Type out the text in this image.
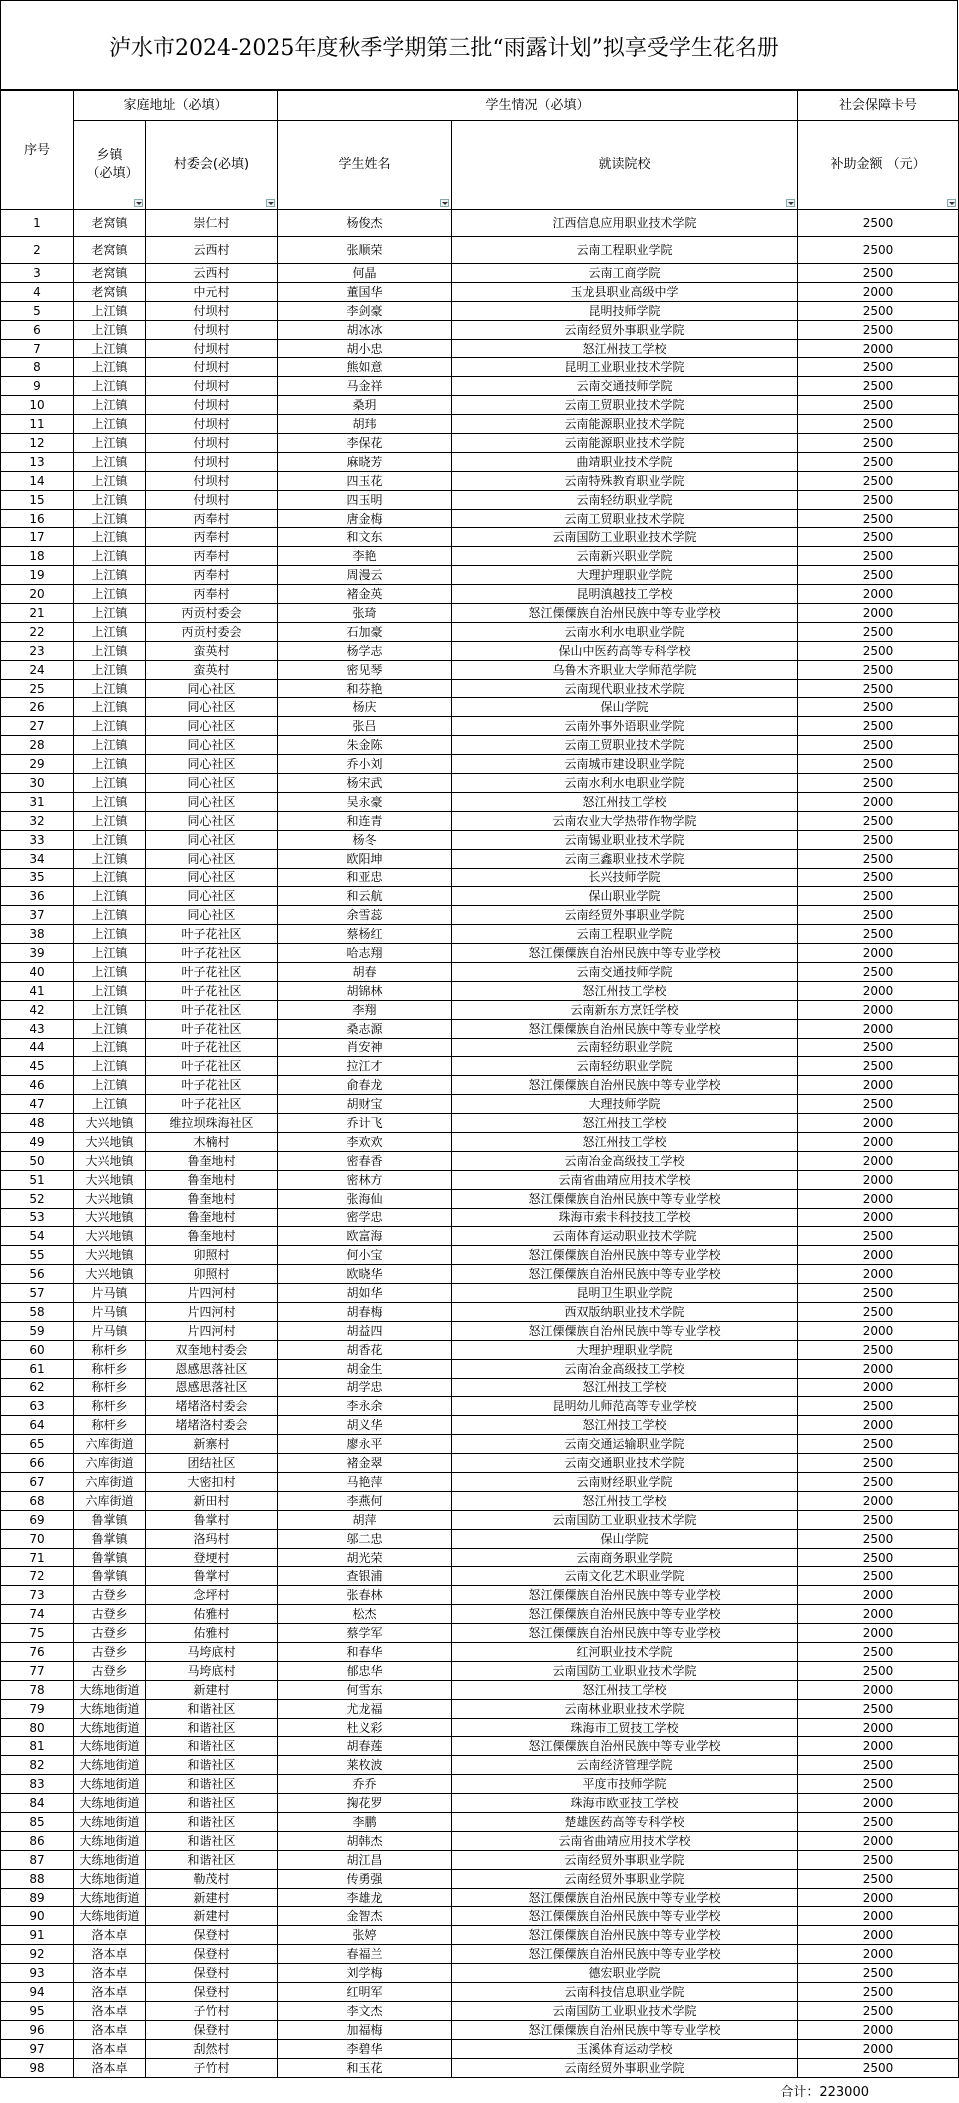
泸水市2024-2025年度秋季学期第三批“雨露计划”拟享受学生花名册
序号	家庭地址（必填）		学生情况（必填）		社会保障卡号
	乡镇（必填）	村委会(必填)	学生姓名	就读院校	补助金额 （元）

1	老窝镇	崇仁村	杨俊杰	江西信息应用职业技术学院	2500
2	老窝镇	云西村	张顺荣	云南工程职业学院	2500
3	老窝镇	云西村	何晶	云南工商学院	2500
4	老窝镇	中元村	董国华	玉龙县职业高级中学	2000
5	上江镇	付坝村	李剑豪	昆明技师学院	2500
6	上江镇	付坝村	胡冰冰	云南经贸外事职业学院	2500
7	上江镇	付坝村	胡小忠	怒江州技工学校	2000
8	上江镇	付坝村	熊如意	昆明工业职业技术学院	2500
9	上江镇	付坝村	马金祥	云南交通技师学院	2500
10	上江镇	付坝村	桑玥	云南工贸职业技术学院	2500
11	上江镇	付坝村	胡玮	云南能源职业技术学院	2500
12	上江镇	付坝村	李保花	云南能源职业技术学院	2500
13	上江镇	付坝村	麻晓芳	曲靖职业技术学院	2500
14	上江镇	付坝村	四玉花	云南特殊教育职业学院	2500
15	上江镇	付坝村	四玉明	云南轻纺职业学院	2500
16	上江镇	丙奉村	唐金梅	云南工贸职业技术学院	2500
17	上江镇	丙奉村	和文东	云南国防工业职业技术学院	2500
18	上江镇	丙奉村	李艳	云南新兴职业学院	2500
19	上江镇	丙奉村	周漫云	大理护理职业学院	2500
20	上江镇	丙奉村	褚金英	昆明滇越技工学校	2000
21	上江镇	丙贡村委会	张琦	怒江傈僳族自治州民族中等专业学校	2000
22	上江镇	丙贡村委会	石加豪	云南水利水电职业学院	2500
23	上江镇	蛮英村	杨学志	保山中医药高等专科学校	2500
24	上江镇	蛮英村	密见琴	乌鲁木齐职业大学师范学院	2500
25	上江镇	同心社区	和芬艳	云南现代职业技术学院	2500
26	上江镇	同心社区	杨庆	保山学院	2500
27	上江镇	同心社区	张吕	云南外事外语职业学院	2500
28	上江镇	同心社区	朱金陈	云南工贸职业技术学院	2500
29	上江镇	同心社区	乔小刘	云南城市建设职业学院	2500
30	上江镇	同心社区	杨宋武	云南水利水电职业学院	2500
31	上江镇	同心社区	吴永豪	怒江州技工学校	2000
32	上江镇	同心社区	和连青	云南农业大学热带作物学院	2500
33	上江镇	同心社区	杨冬	云南锡业职业技术学院	2500
34	上江镇	同心社区	欧阳坤	云南三鑫职业技术学院	2500
35	上江镇	同心社区	和亚忠	长兴技师学院	2500
36	上江镇	同心社区	和云航	保山职业学院	2500
37	上江镇	同心社区	余雪蕊	云南经贸外事职业学院	2500
38	上江镇	叶子花社区	蔡杨红	云南工程职业学院	2500
39	上江镇	叶子花社区	哈志翔	怒江傈僳族自治州民族中等专业学校	2000
40	上江镇	叶子花社区	胡春	云南交通技师学院	2500
41	上江镇	叶子花社区	胡锦林	怒江州技工学校	2000
42	上江镇	叶子花社区	李翔	云南新东方烹饪学校	2000
43	上江镇	叶子花社区	桑志源	怒江傈僳族自治州民族中等专业学校	2000
44	上江镇	叶子花社区	肖安神	云南轻纺职业学院	2500
45	上江镇	叶子花社区	拉江才	云南轻纺职业学院	2500
46	上江镇	叶子花社区	俞春龙	怒江傈僳族自治州民族中等专业学校	2000
47	上江镇	叶子花社区	胡财宝	大理技师学院	2500
48	大兴地镇	维拉坝珠海社区	乔计飞	怒江州技工学校	2000
49	大兴地镇	木楠村	李欢欢	怒江州技工学校	2000
50	大兴地镇	鲁奎地村	密春香	云南冶金高级技工学校	2000
51	大兴地镇	鲁奎地村	密林方	云南省曲靖应用技术学校	2000
52	大兴地镇	鲁奎地村	张海仙	怒江傈僳族自治州民族中等专业学校	2000
53	大兴地镇	鲁奎地村	密学忠	珠海市索卡科技技工学校	2000
54	大兴地镇	鲁奎地村	欧富海	云南体育运动职业技术学院	2500
55	大兴地镇	卯照村	何小宝	怒江傈僳族自治州民族中等专业学校	2000
56	大兴地镇	卯照村	欧晓华	怒江傈僳族自治州民族中等专业学校	2000
57	片马镇	片四河村	胡如华	昆明卫生职业学院	2500
58	片马镇	片四河村	胡春梅	西双版纳职业技术学院	2500
59	片马镇	片四河村	胡益四	怒江傈僳族自治州民族中等专业学校	2000
60	称杆乡	双奎地村委会	胡香花	大理护理职业学院	2500
61	称杆乡	恩感思落社区	胡金生	云南冶金高级技工学校	2000
62	称杆乡	恩感思落社区	胡学忠	怒江州技工学校	2000
63	称杆乡	堵堵洛村委会	李永余	昆明幼儿师范高等专业学校	2500
64	称杆乡	堵堵洛村委会	胡义华	怒江州技工学校	2000
65	六库街道	新寨村	廖永平	云南交通运输职业学院	2500
66	六库街道	团结社区	褚金翠	云南交通职业技术学院	2500
67	六库街道	大密扣村	马艳萍	云南财经职业学院	2500
68	六库街道	新田村	李燕何	怒江州技工学校	2000
69	鲁掌镇	鲁掌村	胡萍	云南国防工业职业技术学院	2500
70	鲁掌镇	洛玛村	邬二忠	保山学院	2500
71	鲁掌镇	登埂村	胡光荣	云南商务职业学院	2500
72	鲁掌镇	鲁掌村	查银浦	云南文化艺术职业学院	2500
73	古登乡	念坪村	张春林	怒江傈僳族自治州民族中等专业学校	2000
74	古登乡	佑雅村	松杰	怒江傈僳族自治州民族中等专业学校	2000
75	古登乡	佑雅村	蔡学军	怒江傈僳族自治州民族中等专业学校	2000
76	古登乡	马垮底村	和春华	红河职业技术学院	2500
77	古登乡	马垮底村	郁忠华	云南国防工业职业技术学院	2500
78	大练地街道	新建村	何雪东	怒江州技工学校	2000
79	大练地街道	和谐社区	尤龙福	云南林业职业技术学院	2500
80	大练地街道	和谐社区	杜义彩	珠海市工贸技工学校	2000
81	大练地街道	和谐社区	胡春莲	怒江傈僳族自治州民族中等专业学校	2000
82	大练地街道	和谐社区	莱枚波	云南经济管理学院	2500
83	大练地街道	和谐社区	乔乔	平度市技师学院	2500
84	大练地街道	和谐社区	掬花罗	珠海市欧亚技工学校	2000
85	大练地街道	和谐社区	李鹏	楚雄医药高等专科学校	2500
86	大练地街道	和谐社区	胡韩杰	云南省曲靖应用技术学校	2000
87	大练地街道	和谐社区	胡江昌	云南经贸外事职业学院	2500
88	大练地街道	勒茂村	传勇强	云南经贸外事职业学院	2500
89	大练地街道	新建村	李雄龙	怒江傈僳族自治州民族中等专业学校	2000
90	大练地街道	新建村	金智杰	怒江傈僳族自治州民族中等专业学校	2000
91	洛本卓	保登村	张婷	怒江傈僳族自治州民族中等专业学校	2000
92	洛本卓	保登村	春福兰	怒江傈僳族自治州民族中等专业学校	2000
93	洛本卓	保登村	刘学梅	德宏职业学院	2500
94	洛本卓	保登村	红明军	云南科技信息职业学院	2500
95	洛本卓	子竹村	李文杰	云南国防工业职业技术学院	2500
96	洛本卓	保登村	加福梅	怒江傈僳族自治州民族中等专业学校	2000
97	洛本卓	刮然村	李碧华	玉溪体育运动学校	2000
98	洛本卓	子竹村	和玉花	云南经贸外事职业学院	2500
合计：223000
